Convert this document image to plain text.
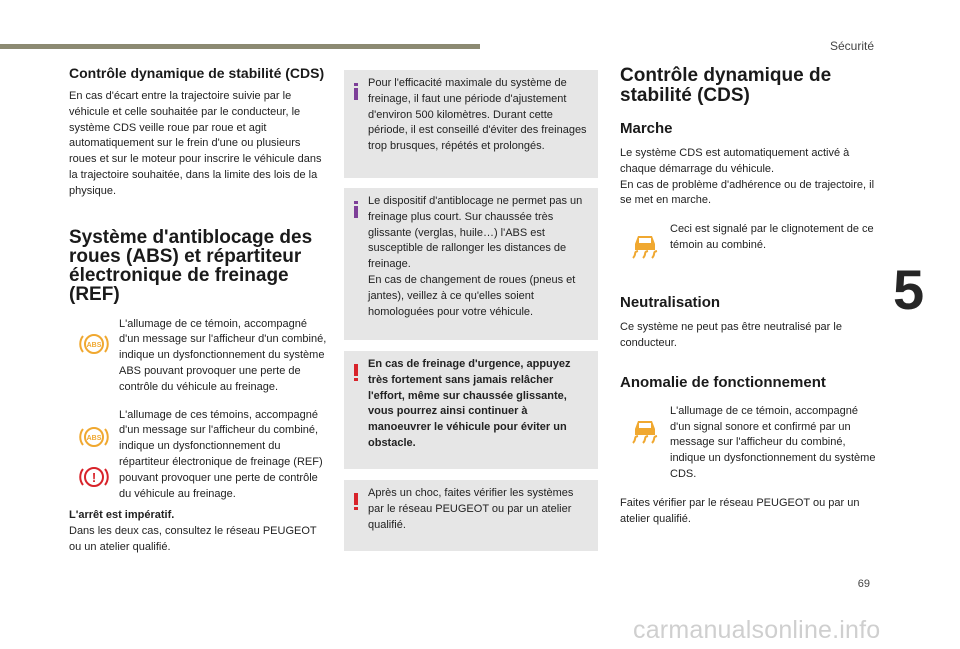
Sécurité
5
69
carmanualsonline.info
Contrôle dynamique de stabilité (CDS)

En cas d'écart entre la trajectoire suivie par le véhicule et celle souhaitée par le conducteur, le système CDS veille roue par roue et agit automatiquement sur le frein d'une ou plusieurs roues et sur le moteur pour inscrire le véhicule dans la trajectoire souhaitée, dans la limite des lois de la physique.

Système d'antiblocage des roues (ABS) et répartiteur électronique de freinage (REF)
ABS

L'allumage de ce témoin, accompagné d'un message sur l'afficheur d'un combiné, indique un dysfonctionnement du système ABS pouvant provoquer une perte de contrôle du véhicule au freinage.

ABS
!

L'allumage de ces témoins, accompagné d'un message sur l'afficheur du combiné, indique un dysfonctionnement du répartiteur électronique de freinage (REF) pouvant provoquer une perte de contrôle du véhicule au freinage.

L'arrêt est impératif.

Dans les deux cas, consultez le réseau PEUGEOT ou un atelier qualifié.

Pour l'efficacité maximale du système de freinage, il faut une période d'ajustement d'environ 500 kilomètres. Durant cette période, il est conseillé d'éviter des freinages trop brusques, répétés et prolongés.

Le dispositif d'antiblocage ne permet pas un freinage plus court. Sur chaussée très glissante (verglas, huile…) l'ABS est susceptible de rallonger les distances de freinage.

En cas de changement de roues (pneus et jantes), veillez à ce qu'elles soient homologuées pour votre véhicule.

En cas de freinage d'urgence, appuyez très fortement sans jamais relâcher l'effort, même sur chaussée glissante, vous pourrez ainsi continuer à manoeuvrer le véhicule pour éviter un obstacle.

Après un choc, faites vérifier les systèmes par le réseau PEUGEOT ou par un atelier qualifié.

Contrôle dynamique de stabilité (CDS)
Marche

Le système CDS est automatiquement activé à chaque démarrage du véhicule.

En cas de problème d'adhérence ou de trajectoire, il se met en marche.

Ceci est signalé par le clignotement de ce témoin au combiné.

Neutralisation

Ce système ne peut pas être neutralisé par le conducteur.

Anomalie de fonctionnement

L'allumage de ce témoin, accompagné d'un signal sonore et confirmé par un message sur l'afficheur du combiné, indique un dysfonctionnement du système CDS.

Faites vérifier par le réseau PEUGEOT ou par un atelier qualifié.
